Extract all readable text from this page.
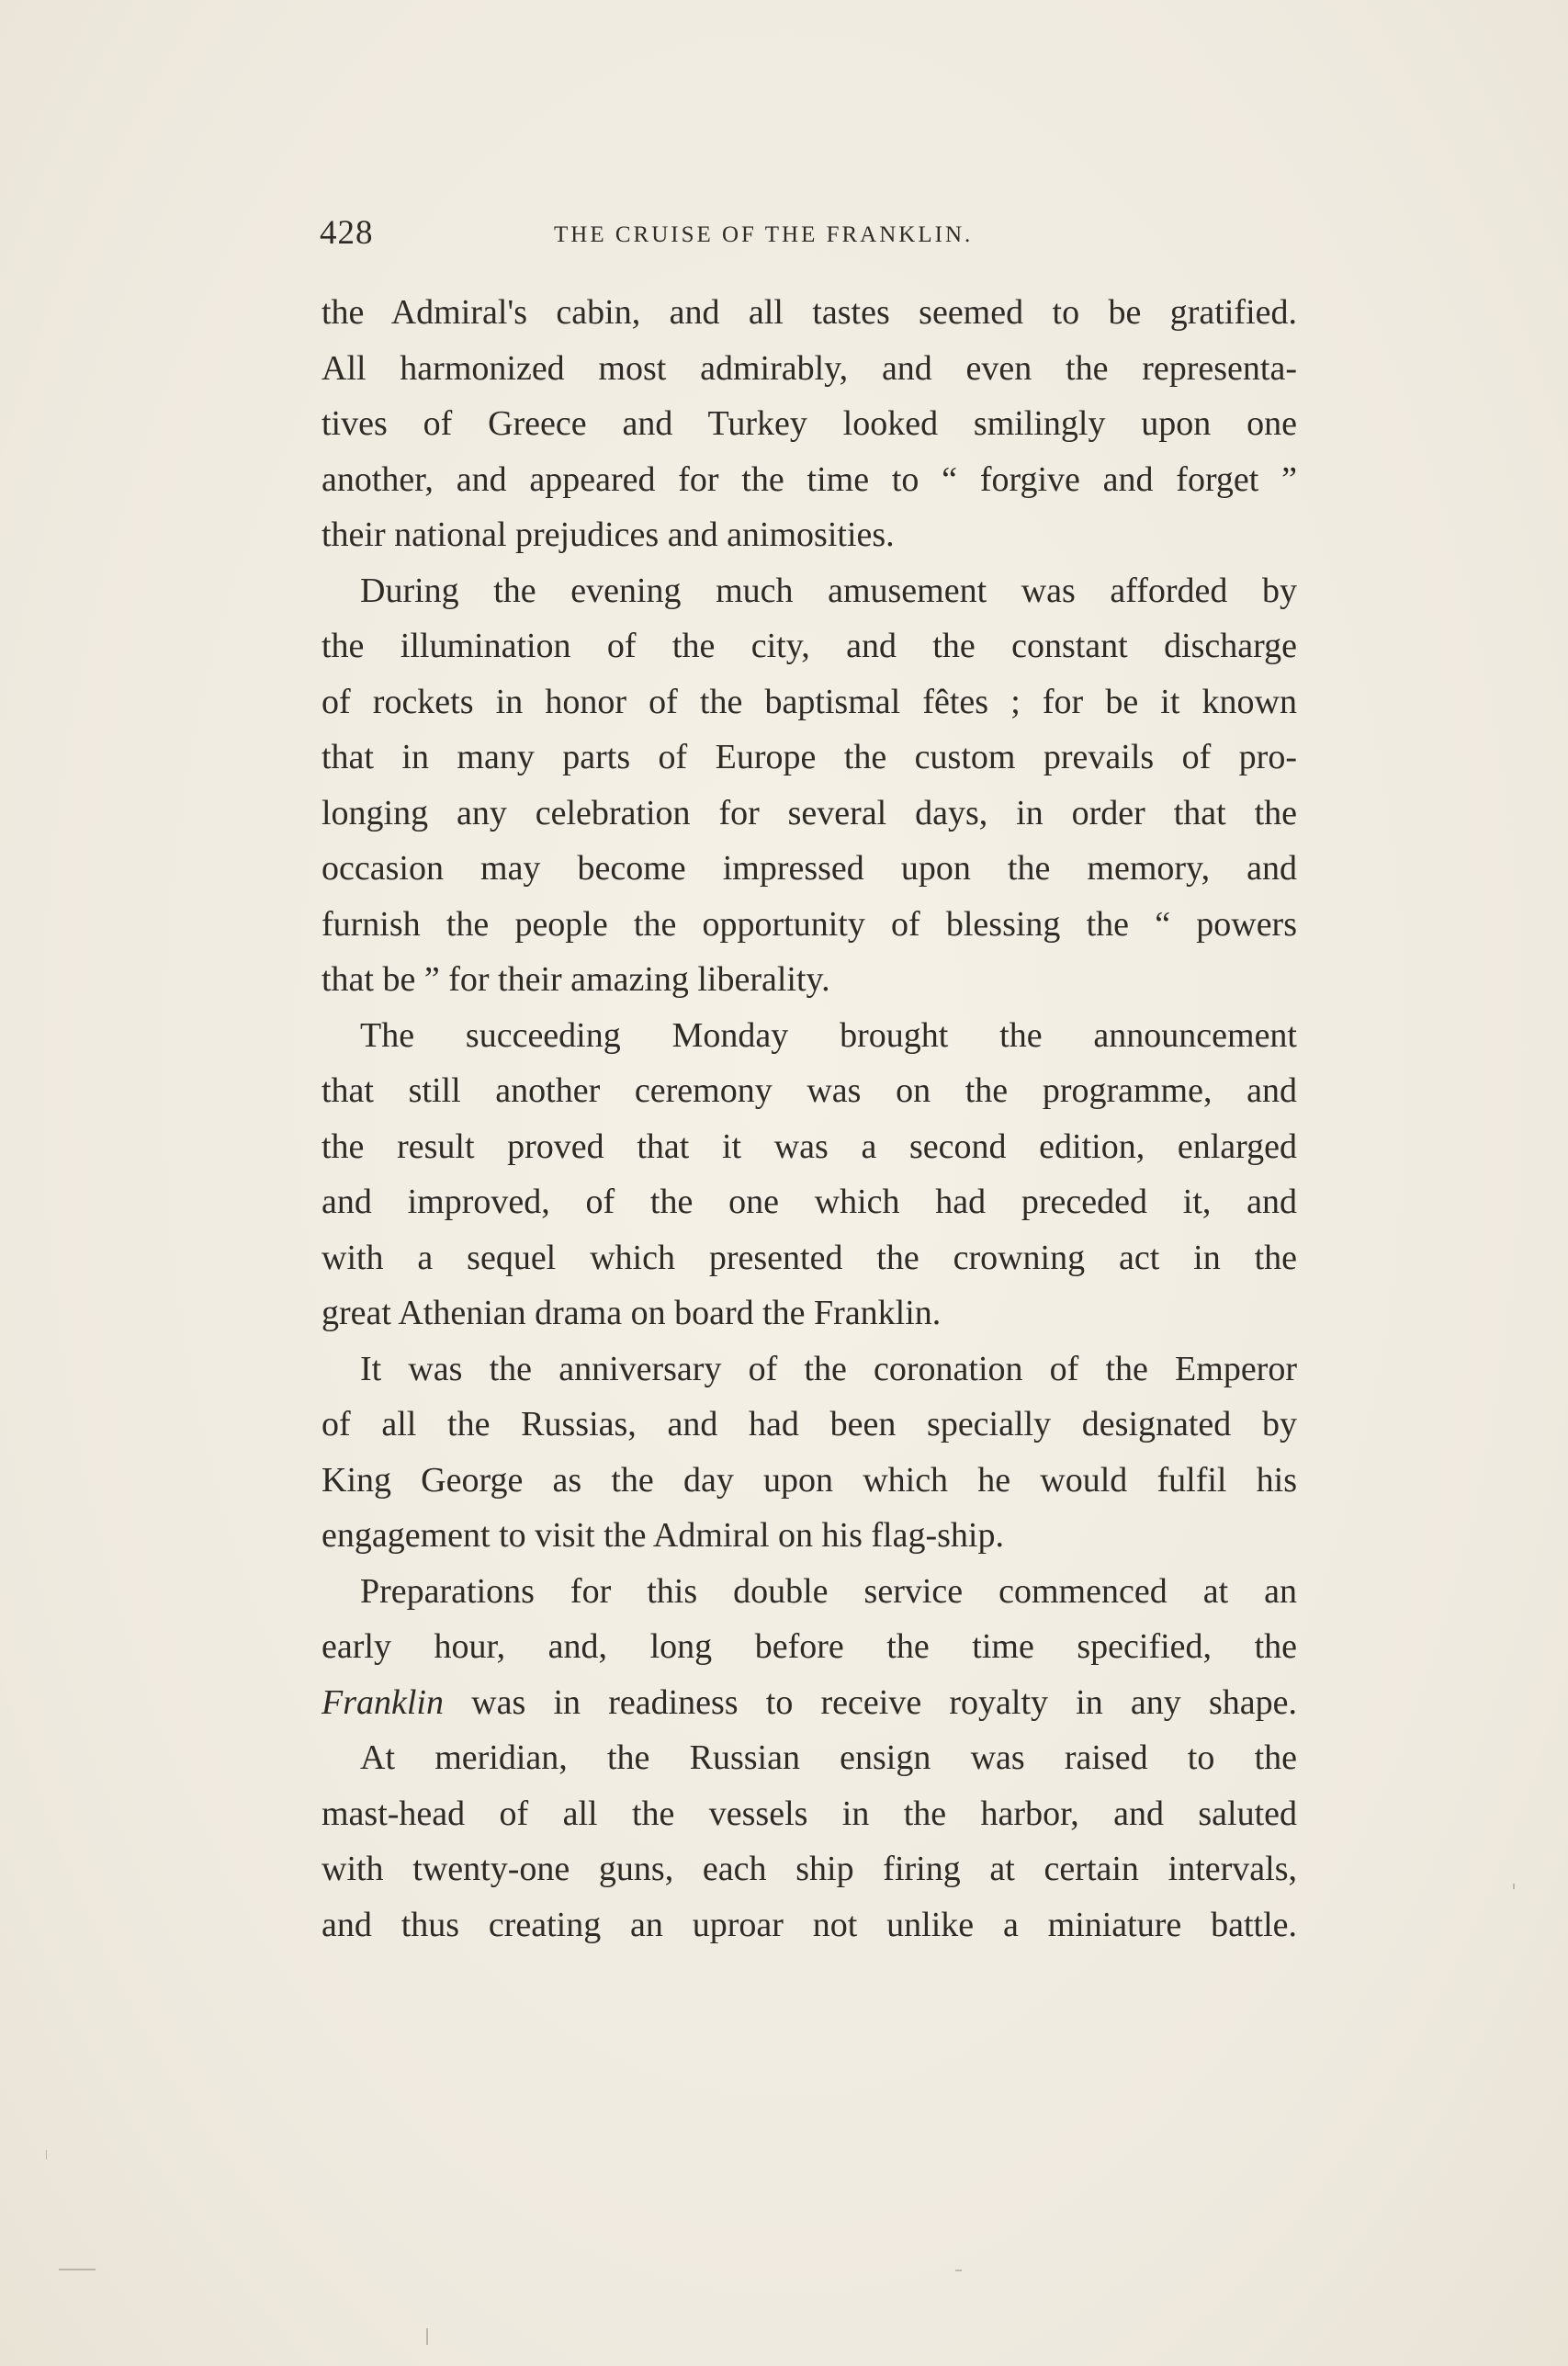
428	THE CRUISE OF THE FRANKLIN.

the Admiral's cabin, and all tastes seemed to be gratified.
All harmonized most admirably, and even the representa-
tives of Greece and Turkey looked smilingly upon one
another, and appeared for the time to “ forgive and forget ”
their national prejudices and animosities.

During the evening much amusement was afforded by
the illumination of the city, and the constant discharge
of rockets in honor of the baptismal fêtes ; for be it known
that in many parts of Europe the custom prevails of pro-
longing any celebration for several days, in order that the
occasion may become impressed upon the memory, and
furnish the people the opportunity of blessing the “ powers
that be ” for their amazing liberality.

The succeeding Monday brought the announcement
that still another ceremony was on the programme, and
the result proved that it was a second edition, enlarged
and improved, of the one which had preceded it, and
with a sequel which presented the crowning act in the
great Athenian drama on board the Franklin.

It was the anniversary of the coronation of the Emperor
of all the Russias, and had been specially designated by
King George as the day upon which he would fulfil his
engagement to visit the Admiral on his flag-ship.

Preparations for this double service commenced at an
early hour, and, long before the time specified, the
Franklin was in readiness to receive royalty in any shape.

At meridian, the Russian ensign was raised to the
mast-head of all the vessels in the harbor, and saluted
with twenty-one guns, each ship firing at certain intervals,
and thus creating an uproar not unlike a miniature battle.
